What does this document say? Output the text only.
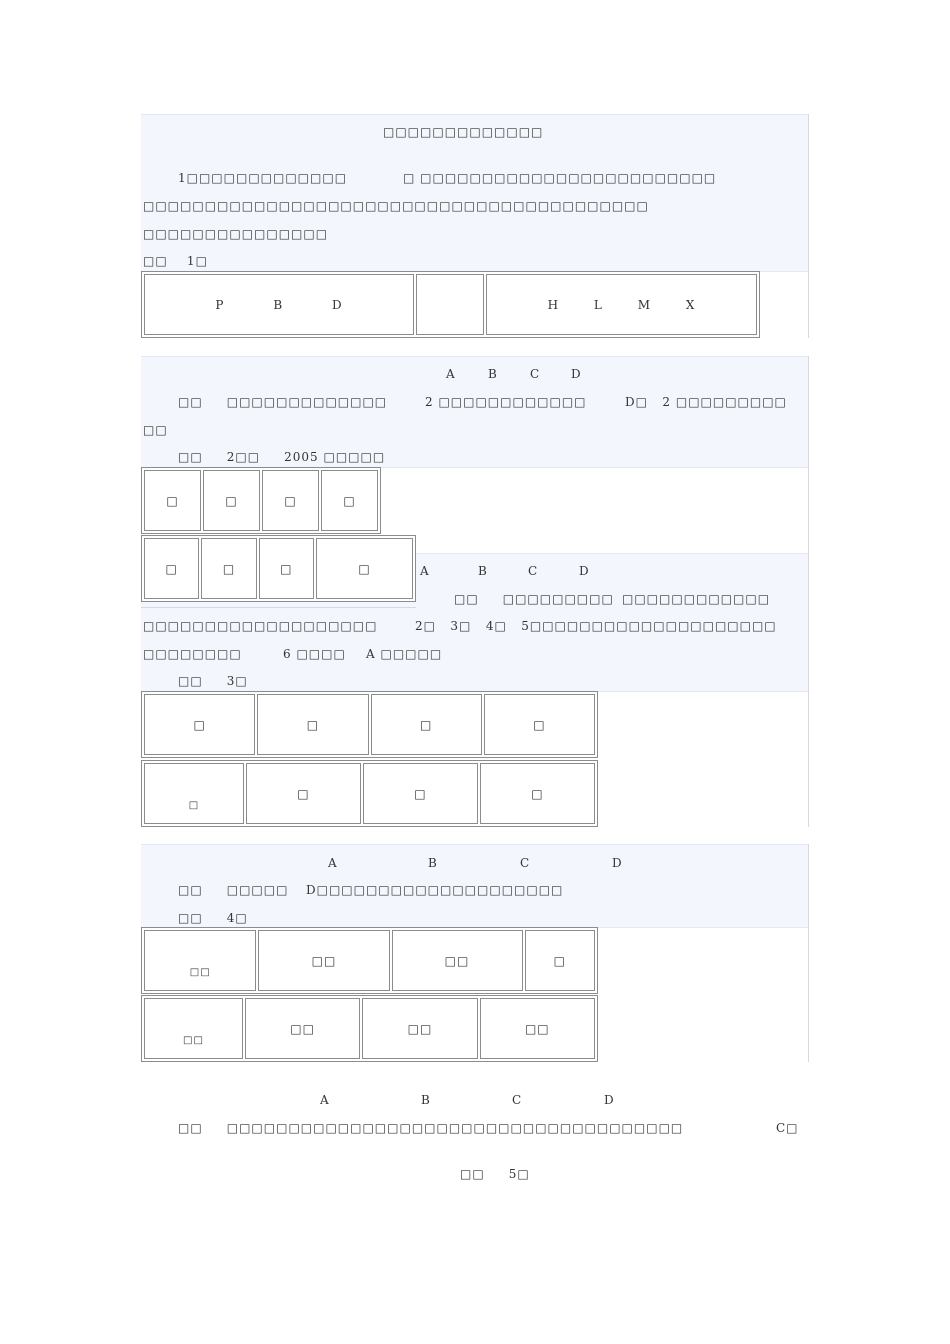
□□□□□□□□□□□□□
1□□□□□□□□□□□□□	□ □□□□□□□□□□□□□□□□□□□□□□□□
□□□□□□□□□□□□□□□□□□□□□□□□□□□□□□□□□□□□□□□□□
□□□□□□□□□□□□□□□
□□    1□
P	B	D		H	L	M	X
A	B	C	D
□□     □□□□□□□□□□□□□	2 □□□□□□□□□□□□	D□   2 □□□□□□□□□
□□
□□     2□□     2005 □□□□□
□	□	□	□
□	□	□	□	A	B	C	D
□□     □□□□□□□□□ □□□□□□□□□□□□
□□□□□□□□□□□□□□□□□□□	2□   3□   4□   5□□□□□□□□□□□□□□□□□□□□
□□□□□□□□	6 □□□□ A □□□□□
□□     3□
□	□	□	□
□	□	□	□
A	B	C	D
□□     □□□□□ D□□□□□□□□□□□□□□□□□□□□
□□     4□
□□	□□	□□	□
□□	□□	□□	□□
A	B	C	D
□□     □□□□□□□□□□□□□□□□□□□□□□□□□□□□□□□□□□□□□	C□
□□     5□
